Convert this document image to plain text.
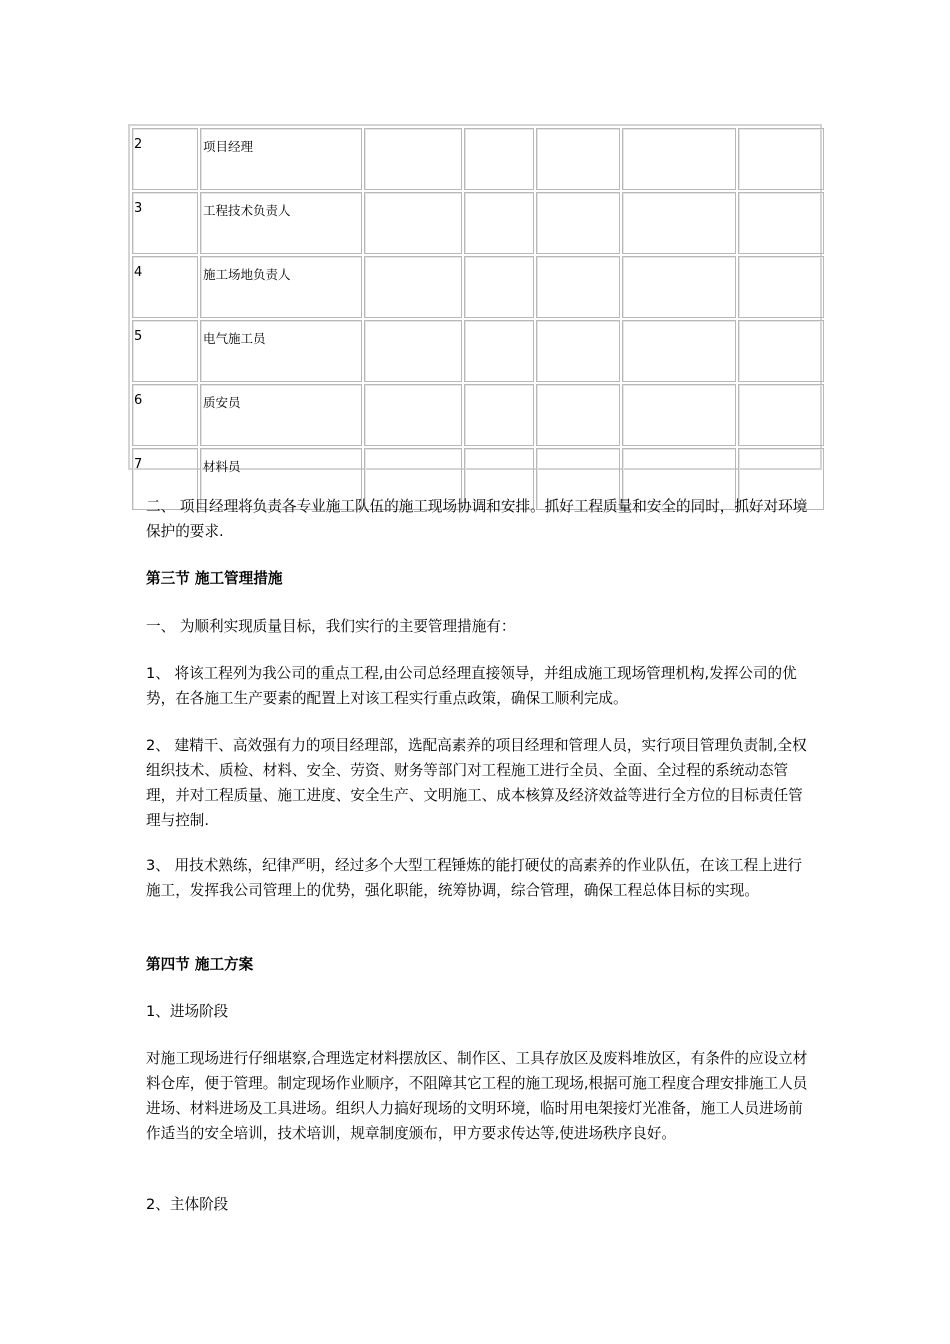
2	项目经理					
3	工程技术负责人					
4	施工场地负责人					
5	电气施工员					
6	质安员					
7	材料员					

二、 项目经理将负责各专业施工队伍的施工现场协调和安排。抓好工程质量和安全的同时，抓好对环境保护的要求.

第三节 施工管理措施

一、 为顺利实现质量目标，我们实行的主要管理措施有：

1、 将该工程列为我公司的重点工程,由公司总经理直接领导，并组成施工现场管理机构,发挥公司的优势，在各施工生产要素的配置上对该工程实行重点政策，确保工顺利完成。

2、 建精干、高效强有力的项目经理部，选配高素养的项目经理和管理人员，实行项目管理负责制,全权组织技术、质检、材料、安全、劳资、财务等部门对工程施工进行全员、全面、全过程的系统动态管理，并对工程质量、施工进度、安全生产、文明施工、成本核算及经济效益等进行全方位的目标责任管理与控制.

3、 用技术熟练，纪律严明，经过多个大型工程锤炼的能打硬仗的高素养的作业队伍，在该工程上进行施工，发挥我公司管理上的优势，强化职能，统筹协调，综合管理，确保工程总体目标的实现。

第四节 施工方案

1、进场阶段

对施工现场进行仔细堪察,合理选定材料摆放区、制作区、工具存放区及废料堆放区，有条件的应设立材料仓库，便于管理。制定现场作业顺序，不阻障其它工程的施工现场,根据可施工程度合理安排施工人员进场、材料进场及工具进场。组织人力搞好现场的文明环境，临时用电架接灯光准备，施工人员进场前作适当的安全培训，技术培训，规章制度颁布，甲方要求传达等,使进场秩序良好。

2、主体阶段
